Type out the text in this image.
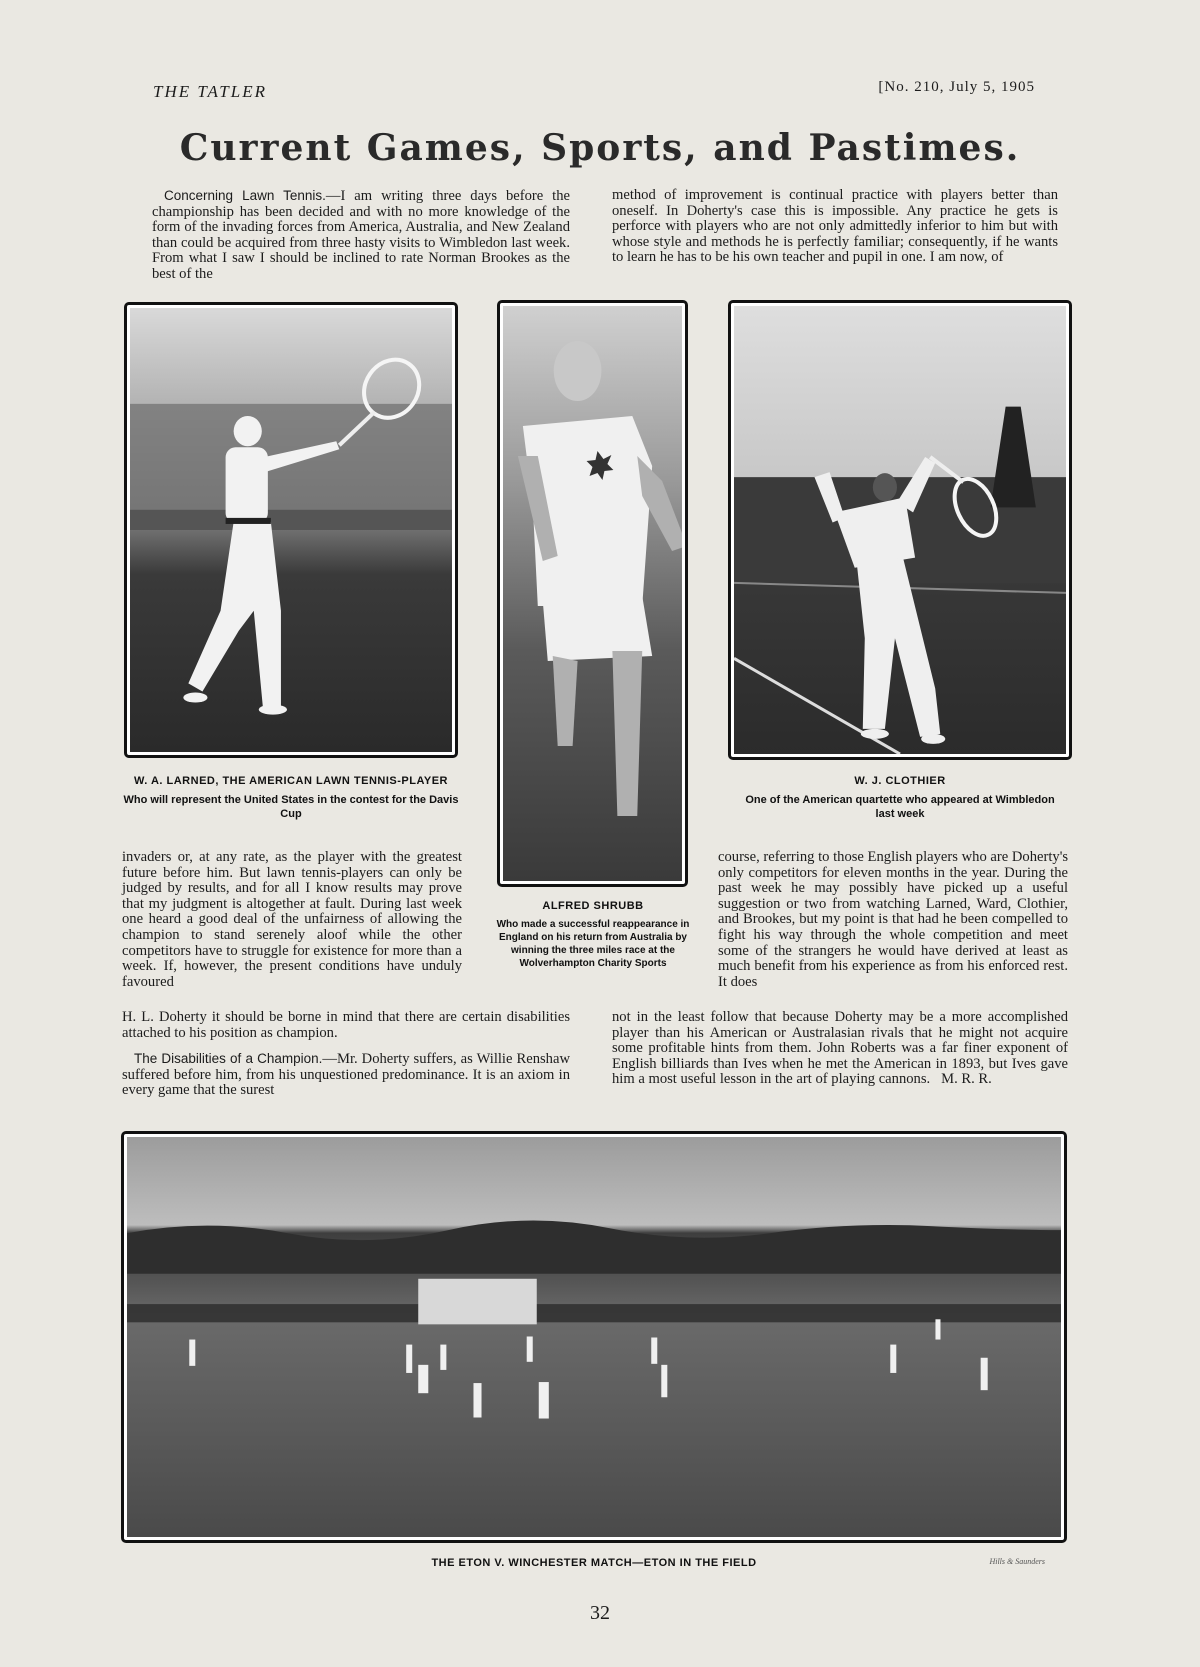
THE TATLER	[No. 210, July 5, 1905
Current Games, Sports, and Pastimes.

Concerning Lawn Tennis.—I am writing three days before the championship has been decided and with no more knowledge of the form of the invading forces from America, Australia, and New Zealand than could be acquired from three hasty visits to Wimbledon last week. From what I saw I should be inclined to rate Norman Brookes as the best of the

method of improvement is continual practice with players better than oneself. In Doherty's case this is impossible. Any practice he gets is perforce with players who are not only admittedly inferior to him but with whose style and methods he is perfectly familiar; consequently, if he wants to learn he has to be his own teacher and pupil in one. I am now, of

W. A. LARNED, THE AMERICAN LAWN TENNIS-PLAYER
Who will represent the United States in the contest for the Davis Cup
ALFRED SHRUBB
Who made a successful reappearance in England on his return from Australia by winning the three miles race at the Wolverhampton Charity Sports
W. J. CLOTHIER
One of the American quartette who appeared at Wimbledon last week

invaders or, at any rate, as the player with the greatest future before him. But lawn tennis-players can only be judged by results, and for all I know results may prove that my judgment is altogether at fault. During last week one heard a good deal of the unfairness of allowing the champion to stand serenely aloof while the other competitors have to struggle for existence for more than a week. If, however, the present conditions have unduly favoured

course, referring to those English players who are Doherty's only competitors for eleven months in the year. During the past week he may possibly have picked up a useful suggestion or two from watching Larned, Ward, Clothier, and Brookes, but my point is that had he been compelled to fight his way through the whole competition and meet some of the strangers he would have derived at least as much benefit from his experience as from his enforced rest. It does

H. L. Doherty it should be borne in mind that there are certain disabilities attached to his position as champion.

The Disabilities of a Champion.—Mr. Doherty suffers, as Willie Renshaw suffered before him, from his unquestioned predominance. It is an axiom in every game that the surest

not in the least follow that because Doherty may be a more accomplished player than his American or Australasian rivals that he might not acquire some profitable hints from them. John Roberts was a far finer exponent of English billiards than Ives when he met the American in 1893, but Ives gave him a most useful lesson in the art of playing cannons. M. R. R.

THE ETON V. WINCHESTER MATCH—ETON IN THE FIELD	Hills & Saunders
32
